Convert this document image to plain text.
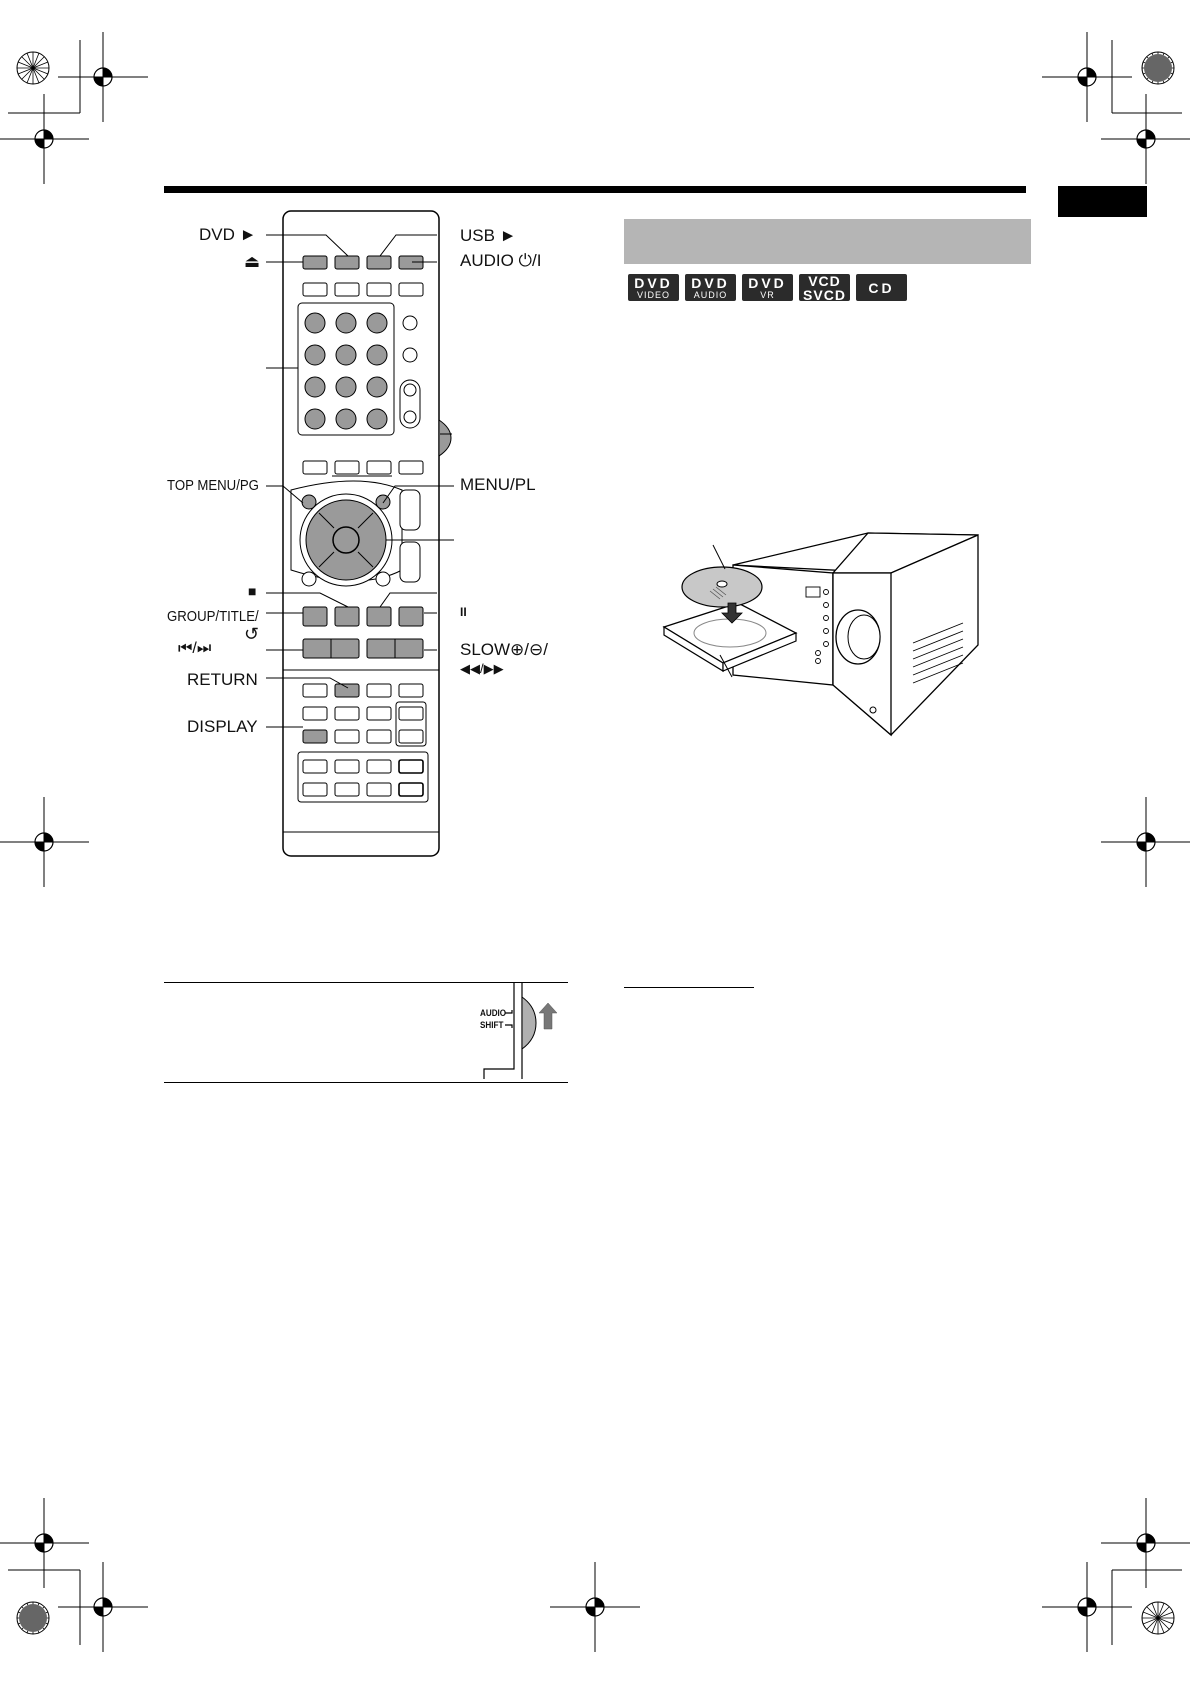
DVD ►
⏏
USB ►
AUDIO ⏻/I
TOP MENU/PG	MENU/PL
■
GROUP/TITLE/
↺
II
⏮/⏭	SLOW⊕/⊖/
◀◀/▶▶
RETURN
DISPLAY
DVD
VIDEO
DVD
AUDIO
DVD
VR
VCD
SVCD CD
AUDIO
SHIFT
